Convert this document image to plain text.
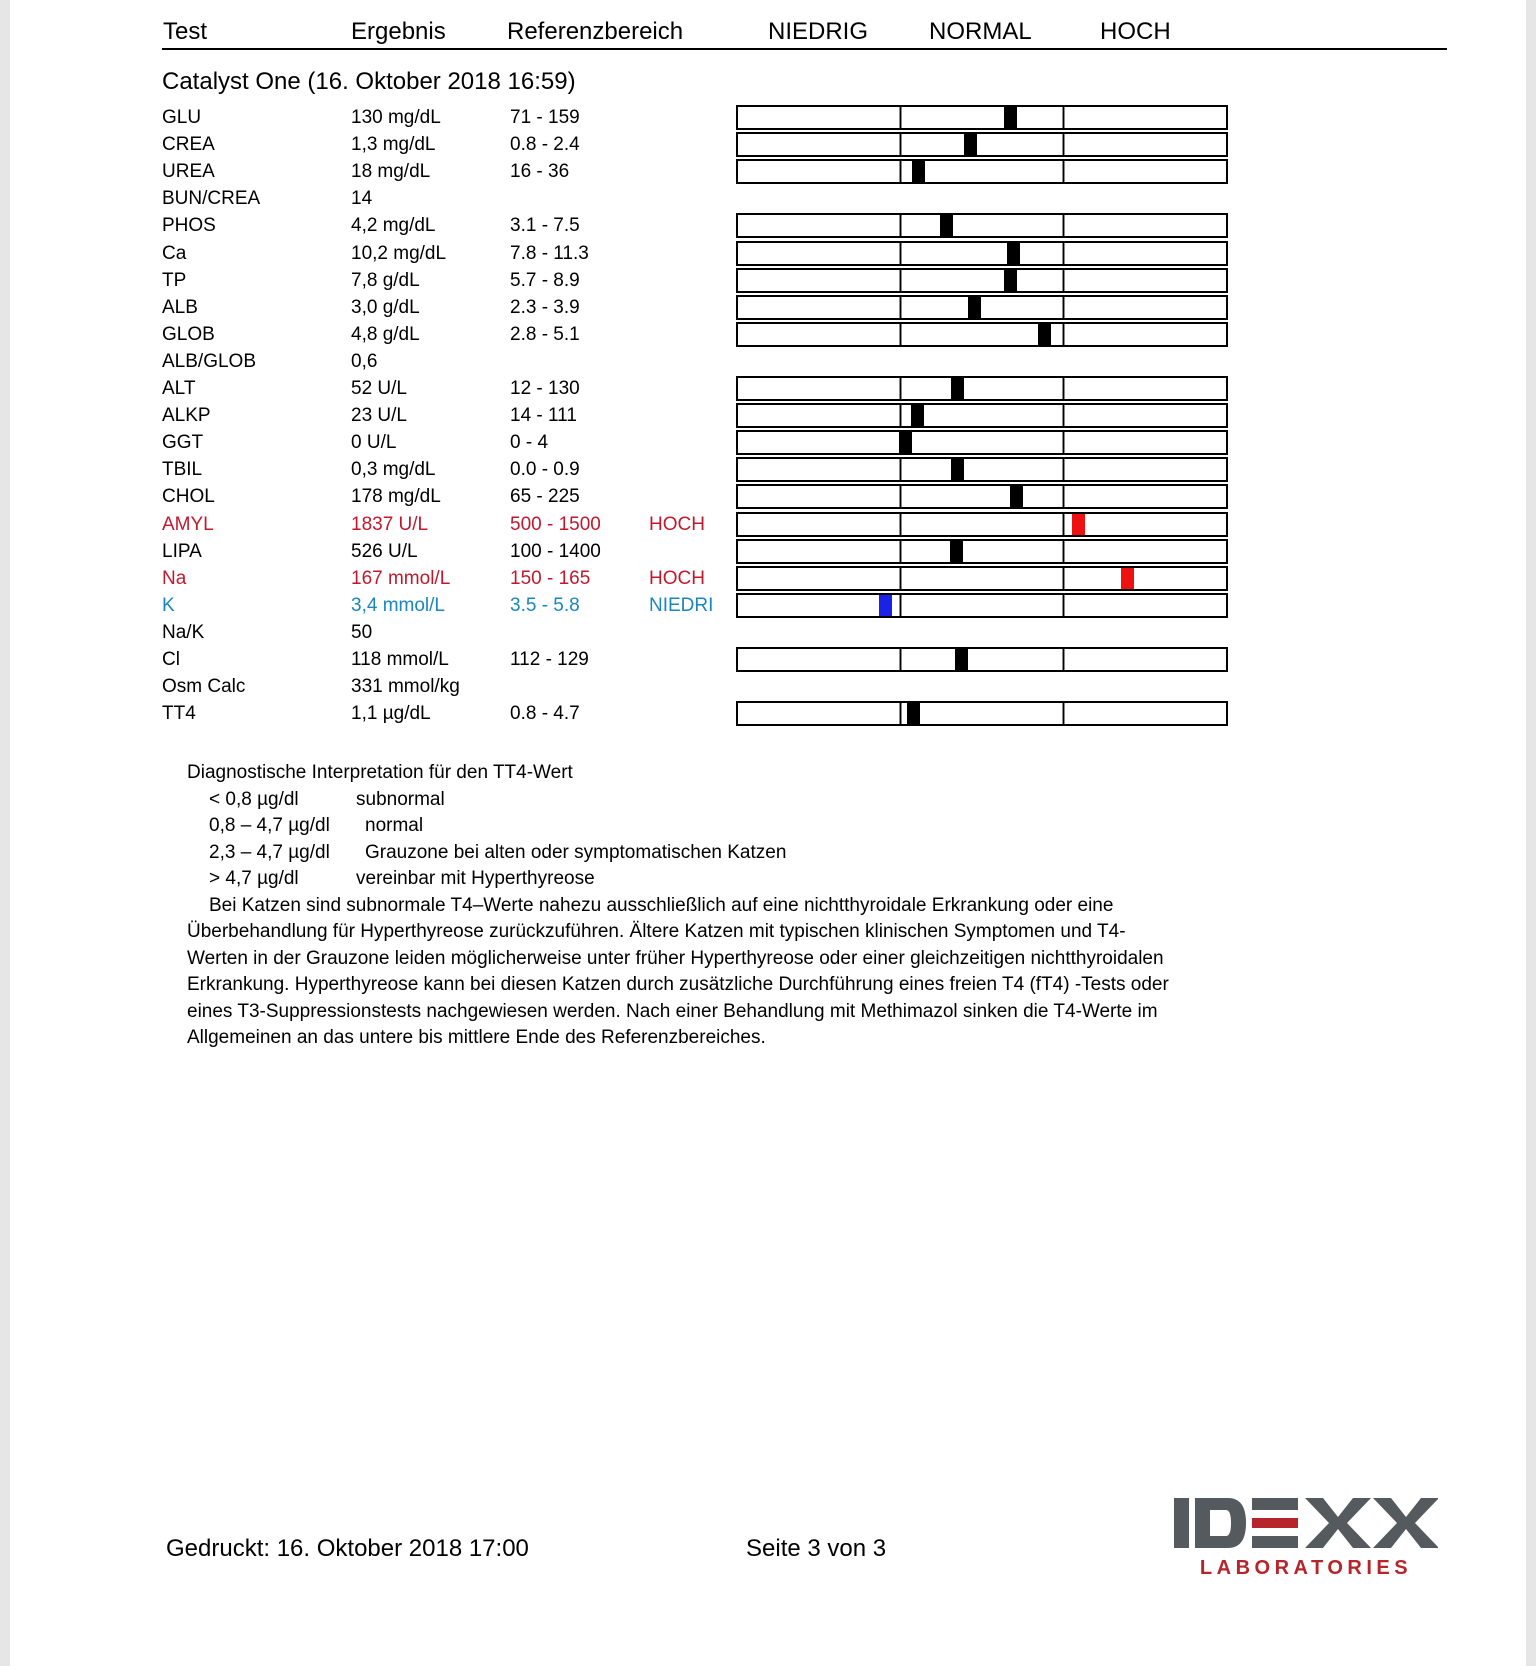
Test	Ergebnis	Referenzbereich	NIEDRIG	NORMAL	HOCH
Catalyst One (16. Oktober 2018 16:59)
GLU	130 mg/dL	71 - 159
CREA	1,3 mg/dL	0.8 - 2.4
UREA	18 mg/dL	16 - 36
BUN/CREA	14
PHOS	4,2 mg/dL	3.1 - 7.5
Ca	10,2 mg/dL	7.8 - 11.3
TP	7,8 g/dL	5.7 - 8.9
ALB	3,0 g/dL	2.3 - 3.9
GLOB	4,8 g/dL	2.8 - 5.1
ALB/GLOB	0,6
ALT	52 U/L	12 - 130
ALKP	23 U/L	14 - 111
GGT	0 U/L	0 - 4
TBIL	0,3 mg/dL	0.0 - 0.9
CHOL	178 mg/dL	65 - 225
AMYL	1837 U/L	500 - 1500	HOCH
LIPA	526 U/L	100 - 1400
Na	167 mmol/L	150 - 165	HOCH
K	3,4 mmol/L	3.5 - 5.8	NIEDRI
Na/K	50
Cl	118 mmol/L	112 - 129
Osm Calc	331 mmol/kg
TT4	1,1 µg/dL	0.8 - 4.7
Diagnostische Interpretation für den TT4-Wert
< 0,8 µg/dl	subnormal
0,8 – 4,7 µg/dl normal
2,3 – 4,7 µg/dl Grauzone bei alten oder symptomatischen Katzen
> 4,7 µg/dl	vereinbar mit Hyperthyreose

Bei Katzen sind subnormale T4–Werte nahezu ausschließlich auf eine nichtthyroidale Erkrankung oder eine Überbehandlung für Hyperthyreose zurückzuführen. Ältere Katzen mit typischen klinischen Symptomen und T4-Werten in der Grauzone leiden möglicherweise unter früher Hyperthyreose oder einer gleichzeitigen nichtthyroidalen Erkrankung. Hyperthyreose kann bei diesen Katzen durch zusätzliche Durchführung eines freien T4 (fT4) -Tests oder eines T3-Suppressionstests nachgewiesen werden. Nach einer Behandlung mit Methimazol sinken die T4-Werte im Allgemeinen an das untere bis mittlere Ende des Referenzbereiches.

Gedruckt: 16. Oktober 2018 17:00	Seite 3 von 3
LABORATORIES
